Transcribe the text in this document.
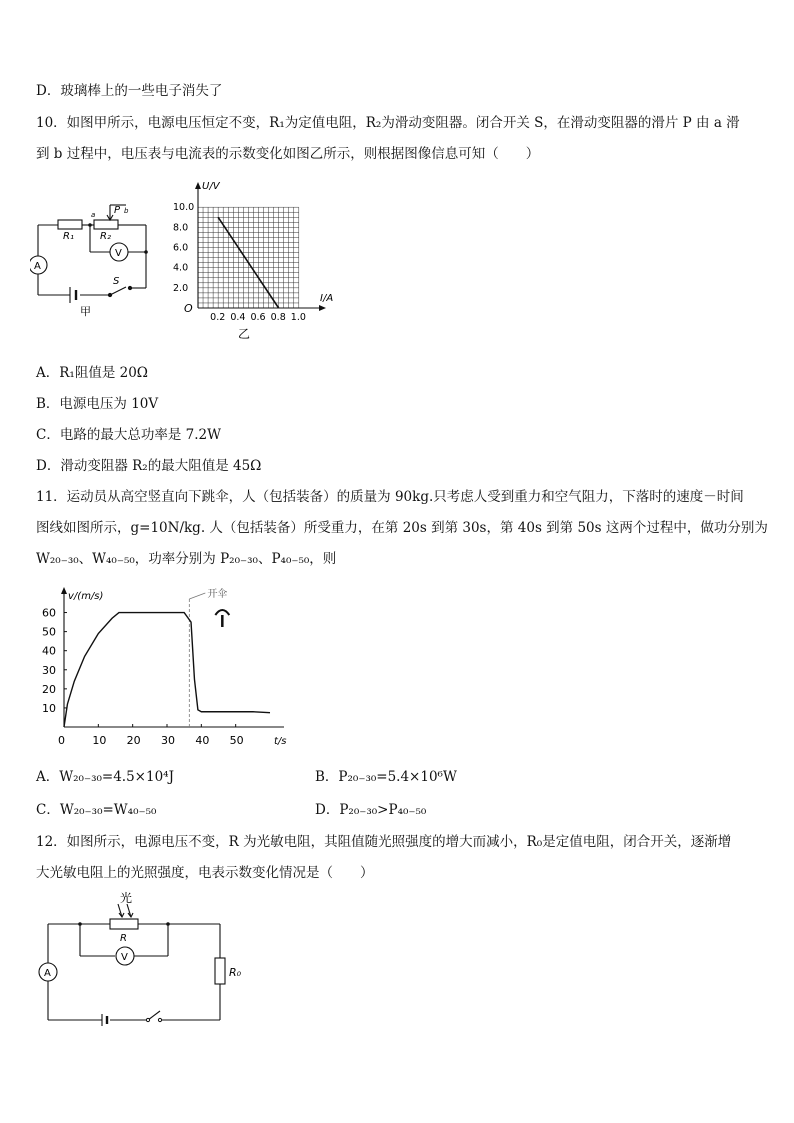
D．玻璃棒上的一些电子消失了
10．如图甲所示，电源电压恒定不变，R₁为定值电阻，R₂为滑动变阻器。闭合开关 S，在滑动变阻器的滑片 P 由 a 滑
到 b 过程中，电压表与电流表的示数变化如图乙所示，则根据图像信息可知（　　）
A
V
R₁	R₂
a P b
S
甲	0.2 0.4 0.6 0.8 1.0
2.0
4.0
6.0
8.0
10.0
I/A
U/V
O
乙
A．R₁阻值是 20Ω
B．电源电压为 10V
C．电路的最大总功率是 7.2W
D．滑动变阻器 R₂的最大阻值是 45Ω
11．运动员从高空竖直向下跳伞，人（包括装备）的质量为 90kg.只考虑人受到重力和空气阻力，下落时的速度－时间
图线如图所示，g=10N/kg. 人（包括装备）所受重力，在第 20s 到第 30s，第 40s 到第 50s 这两个过程中，做功分别为
W₂₀₋₃₀、W₄₀₋₅₀，功率分别为 P₂₀₋₃₀、P₄₀₋₅₀，则
0 10 20 30 40 50
10
20
30
40
50
60
v/(m/s)
t/s
开伞
A．W₂₀₋₃₀=4.5×10⁴J	B．P₂₀₋₃₀=5.4×10⁶W
C．W₂₀₋₃₀=W₄₀₋₅₀	D．P₂₀₋₃₀>P₄₀₋₅₀
12．如图所示，电源电压不变，R 为光敏电阻，其阻值随光照强度的增大而减小，R₀是定值电阻，闭合开关，逐渐增
大光敏电阻上的光照强度，电表示数变化情况是（　　）
A
V
光
R
R₀
